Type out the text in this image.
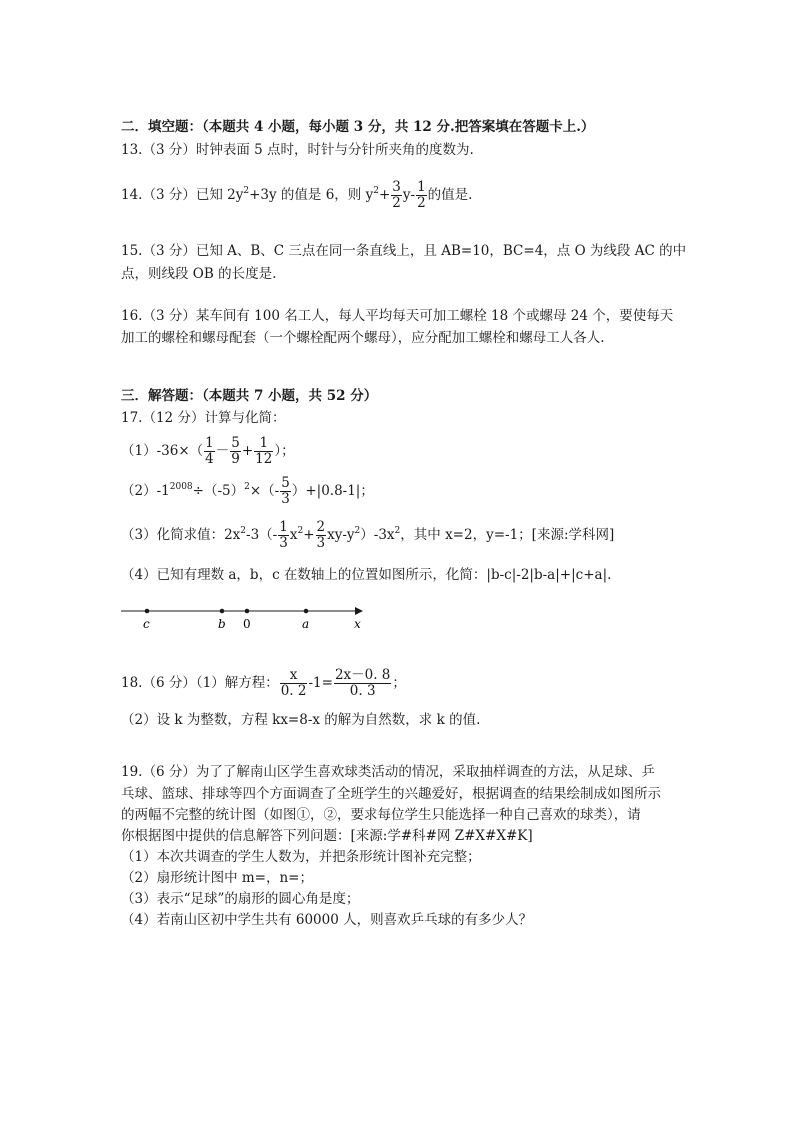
二．填空题：（本题共 4 小题，每小题 3 分，共 12 分.把答案填在答题卡上.）
13.（3 分）时钟表面 5 点时，时针与分针所夹角的度数为.
14.（3 分）已知 $2y^2+3y$ 的值是 6，则 $y^2+ \frac{3}{2} y- \frac{1}{2}$ 的值是.
15.（3 分）已知 A、B、C 三点在同一条直线上，且 AB=10，BC=4，点 O 为线段 AC 的中
点，则线段 OB 的长度是.
16.（3 分）某车间有 100 名工人，每人平均每天可加工螺栓 18 个或螺母 24 个，要使每天
加工的螺栓和螺母配套（一个螺栓配两个螺母），应分配加工螺栓和螺母工人各人.
三．解答题：（本题共 7 小题，共 52 分）
17.（12 分）计算与化简：
$(1)-36\times( \frac{1}{4} - \frac{5}{9} + \frac{1}{12}$ ）；
$(2)-1^{2008}\div(-5)^2\times(- \frac{5}{3} )+|0.8-1|$；
（3）化简求值：$2x^2-3(- \frac{1}{3} x^2+ \frac{2}{3} xy-y^2)-3x^2$，其中 x=2，y=-1；[来源:学科网]
（4）已知有理数 a，b，c 在数轴上的位置如图所示，化简：|b-c|-2|b-a|+|c+a|.
c	b 0	a	x
18.（6 分）（1）解方程： $\frac{x}{0. 2} -1= \frac{2x-0. 8}{0. 3}$ ；
（2）设 k 为整数，方程 kx=8-x 的解为自然数，求 k 的值.
19.（6 分）为了了解南山区学生喜欢球类活动的情况，采取抽样调查的方法，从足球、乒
乓球、篮球、排球等四个方面调查了全班学生的兴趣爱好，根据调查的结果绘制成如图所示
的两幅不完整的统计图（如图①，②，要求每位学生只能选择一种自己喜欢的球类），请
你根据图中提供的信息解答下列问题：[来源:学#科#网 Z#X#X#K]
（1）本次共调查的学生人数为，并把条形统计图补充完整；
（2）扇形统计图中 m=，n=；
（3）表示“足球”的扇形的圆心角是度；
（4）若南山区初中学生共有 60000 人，则喜欢乒乓球的有多少人？
